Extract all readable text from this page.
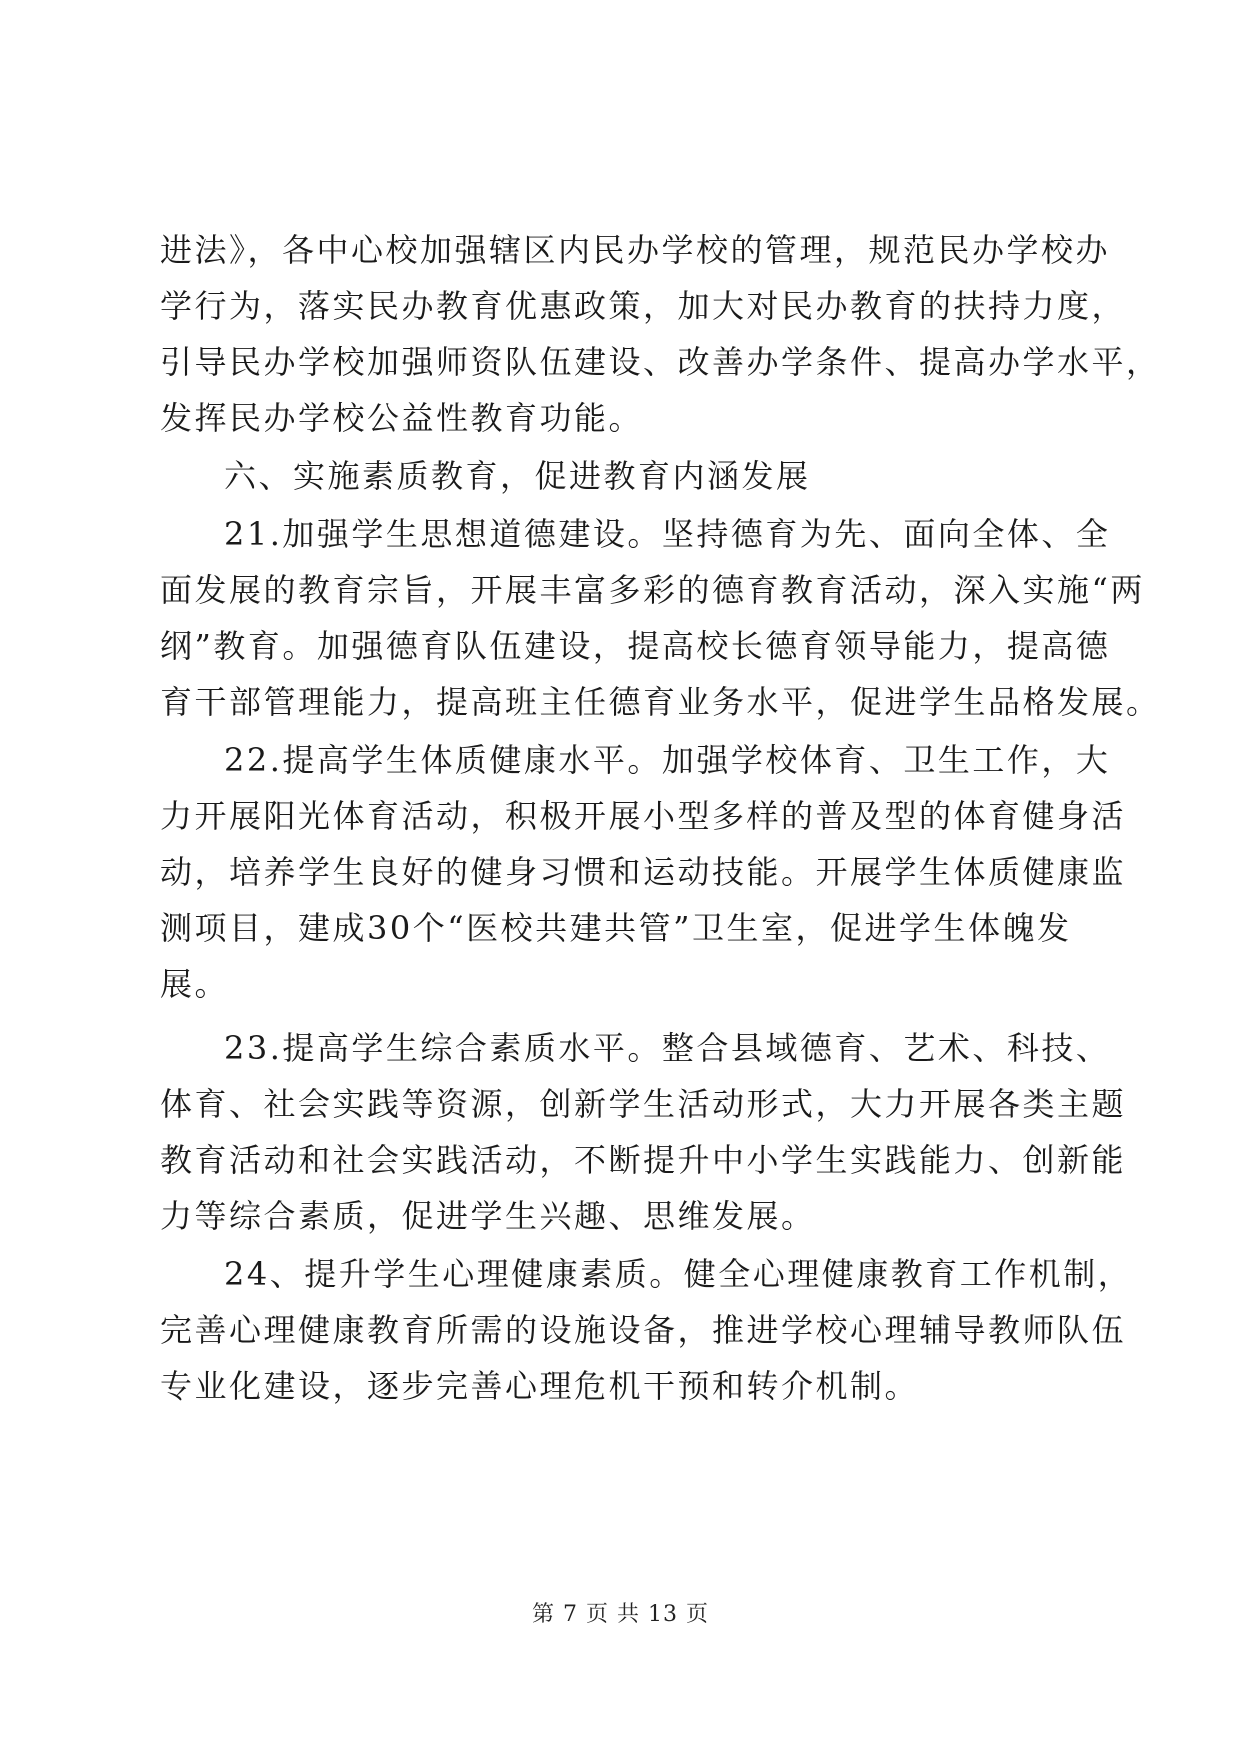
进法》，各中心校加强辖区内民办学校的管理，规范民办学校办
学行为，落实民办教育优惠政策，加大对民办教育的扶持力度，
引导民办学校加强师资队伍建设、改善办学条件、提高办学水平，
发挥民办学校公益性教育功能。
六、实施素质教育，促进教育内涵发展
21.加强学生思想道德建设。坚持德育为先、面向全体、全
面发展的教育宗旨，开展丰富多彩的德育教育活动，深入实施“两
纲”教育。加强德育队伍建设，提高校长德育领导能力，提高德
育干部管理能力，提高班主任德育业务水平，促进学生品格发展。
22.提高学生体质健康水平。加强学校体育、卫生工作，大
力开展阳光体育活动，积极开展小型多样的普及型的体育健身活
动，培养学生良好的健身习惯和运动技能。开展学生体质健康监
测项目，建成30个“医校共建共管”卫生室，促进学生体魄发
展。
23.提高学生综合素质水平。整合县域德育、艺术、科技、
体育、社会实践等资源，创新学生活动形式，大力开展各类主题
教育活动和社会实践活动，不断提升中小学生实践能力、创新能
力等综合素质，促进学生兴趣、思维发展。
24、提升学生心理健康素质。健全心理健康教育工作机制，
完善心理健康教育所需的设施设备，推进学校心理辅导教师队伍
专业化建设，逐步完善心理危机干预和转介机制。
第 7 页 共 13 页
